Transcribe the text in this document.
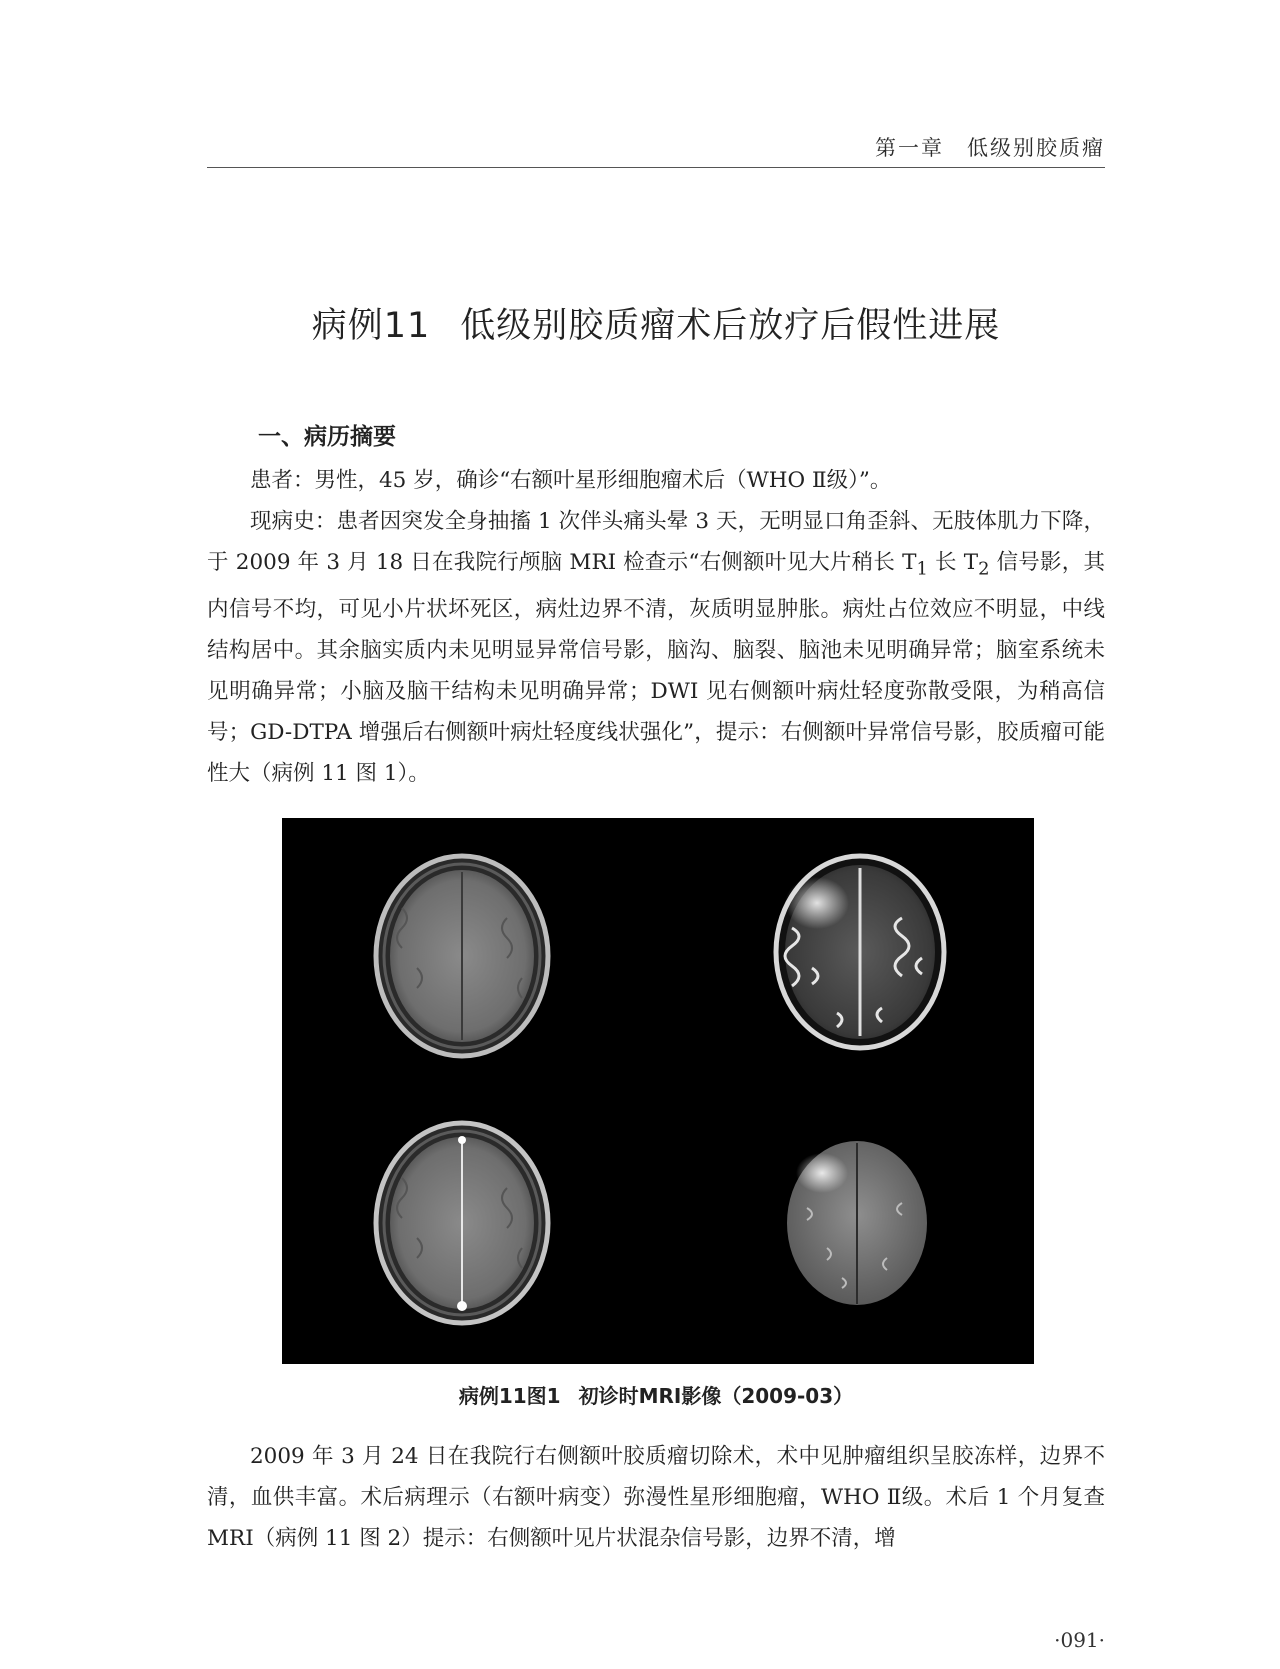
第一章　低级别胶质瘤
病例11 低级别胶质瘤术后放疗后假性进展
一、病历摘要
患者：男性，45 岁，确诊“右额叶星形细胞瘤术后（WHO Ⅱ级）”。
现病史：患者因突发全身抽搐 1 次伴头痛头晕 3 天，无明显口角歪斜、无肢体肌力下降，于 2009 年 3 月 18 日在我院行颅脑 MRI 检查示“右侧额叶见大片稍长 $T_1$ 长 $T_2$ 信号影，其内信号不均，可见小片状坏死区，病灶边界不清，灰质明显肿胀。病灶占位效应不明显，中线结构居中。其余脑实质内未见明显异常信号影，脑沟、脑裂、脑池未见明确异常；脑室系统未见明确异常；小脑及脑干结构未见明确异常；DWI 见右侧额叶病灶轻度弥散受限，为稍高信号；GD-DTPA 增强后右侧额叶病灶轻度线状强化”，提示：右侧额叶异常信号影，胶质瘤可能性大（病例 11 图 1）。
病例11图1 初诊时MRI影像（2009-03）
2009 年 3 月 24 日在我院行右侧额叶胶质瘤切除术，术中见肿瘤组织呈胶冻样，边界不清，血供丰富。术后病理示（右额叶病变）弥漫性星形细胞瘤，WHO Ⅱ级。术后 1 个月复查 MRI（病例 11 图 2）提示：右侧额叶见片状混杂信号影，边界不清，增
·091·
